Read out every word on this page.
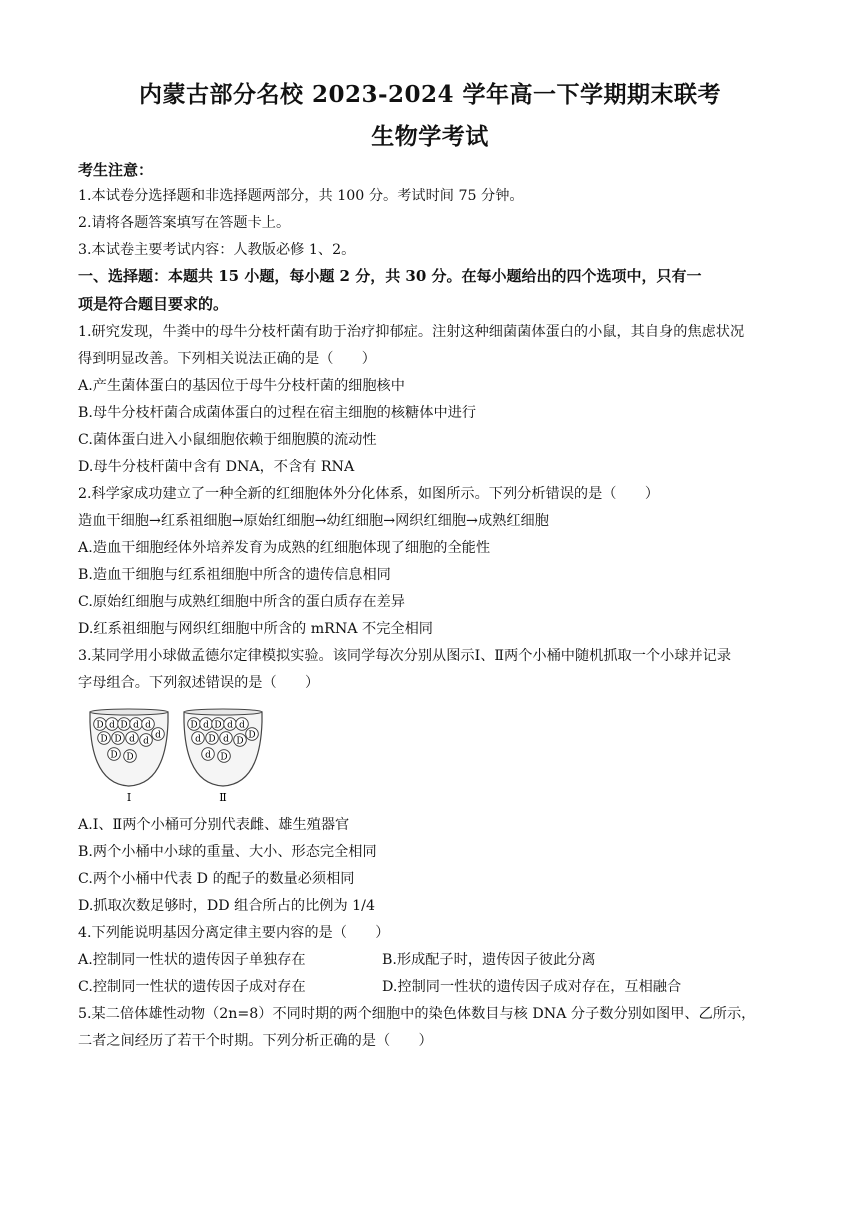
内蒙古部分名校 2023-2024 学年高一下学期期末联考
生物学考试
考生注意：
1.本试卷分选择题和非选择题两部分，共 100 分。考试时间 75 分钟。
2.请将各题答案填写在答题卡上。
3.本试卷主要考试内容：人教版必修 1、2。
一、选择题：本题共 15 小题，每小题 2 分，共 30 分。在每小题给出的四个选项中，只有一
项是符合题目要求的。
1.研究发现，牛粪中的母牛分枝杆菌有助于治疗抑郁症。注射这种细菌菌体蛋白的小鼠，其自身的焦虑状况
得到明显改善。下列相关说法正确的是（　　）
A.产生菌体蛋白的基因位于母牛分枝杆菌的细胞核中
B.母牛分枝杆菌合成菌体蛋白的过程在宿主细胞的核糖体中进行
C.菌体蛋白进入小鼠细胞依赖于细胞膜的流动性
D.母牛分枝杆菌中含有 DNA，不含有 RNA
2.科学家成功建立了一种全新的红细胞体外分化体系，如图所示。下列分析错误的是（　　）
造血干细胞→红系祖细胞→原始红细胞→幼红细胞→网织红细胞→成熟红细胞
A.造血干细胞经体外培养发育为成熟的红细胞体现了细胞的全能性
B.造血干细胞与红系祖细胞中所含的遗传信息相同
C.原始红细胞与成熟红细胞中所含的蛋白质存在差异
D.红系祖细胞与网织红细胞中所含的 mRNA 不完全相同
3.某同学用小球做孟德尔定律模拟实验。该同学每次分别从图示Ⅰ、Ⅱ两个小桶中随机抓取一个小球并记录
字母组合。下列叙述错误的是（　　）
D d D d d
d
D D d d
D D
Ⅰ
D d D d d
D
d D d D
d D
Ⅱ
A.Ⅰ、Ⅱ两个小桶可分别代表雌、雄生殖器官
B.两个小桶中小球的重量、大小、形态完全相同
C.两个小桶中代表 D 的配子的数量必须相同
D.抓取次数足够时，DD 组合所占的比例为 1/4
4.下列能说明基因分离定律主要内容的是（　　）
A.控制同一性状的遗传因子单独存在	B.形成配子时，遗传因子彼此分离
C.控制同一性状的遗传因子成对存在	D.控制同一性状的遗传因子成对存在，互相融合
5.某二倍体雄性动物（2n=8）不同时期的两个细胞中的染色体数目与核 DNA 分子数分别如图甲、乙所示，
二者之间经历了若干个时期。下列分析正确的是（　　）
